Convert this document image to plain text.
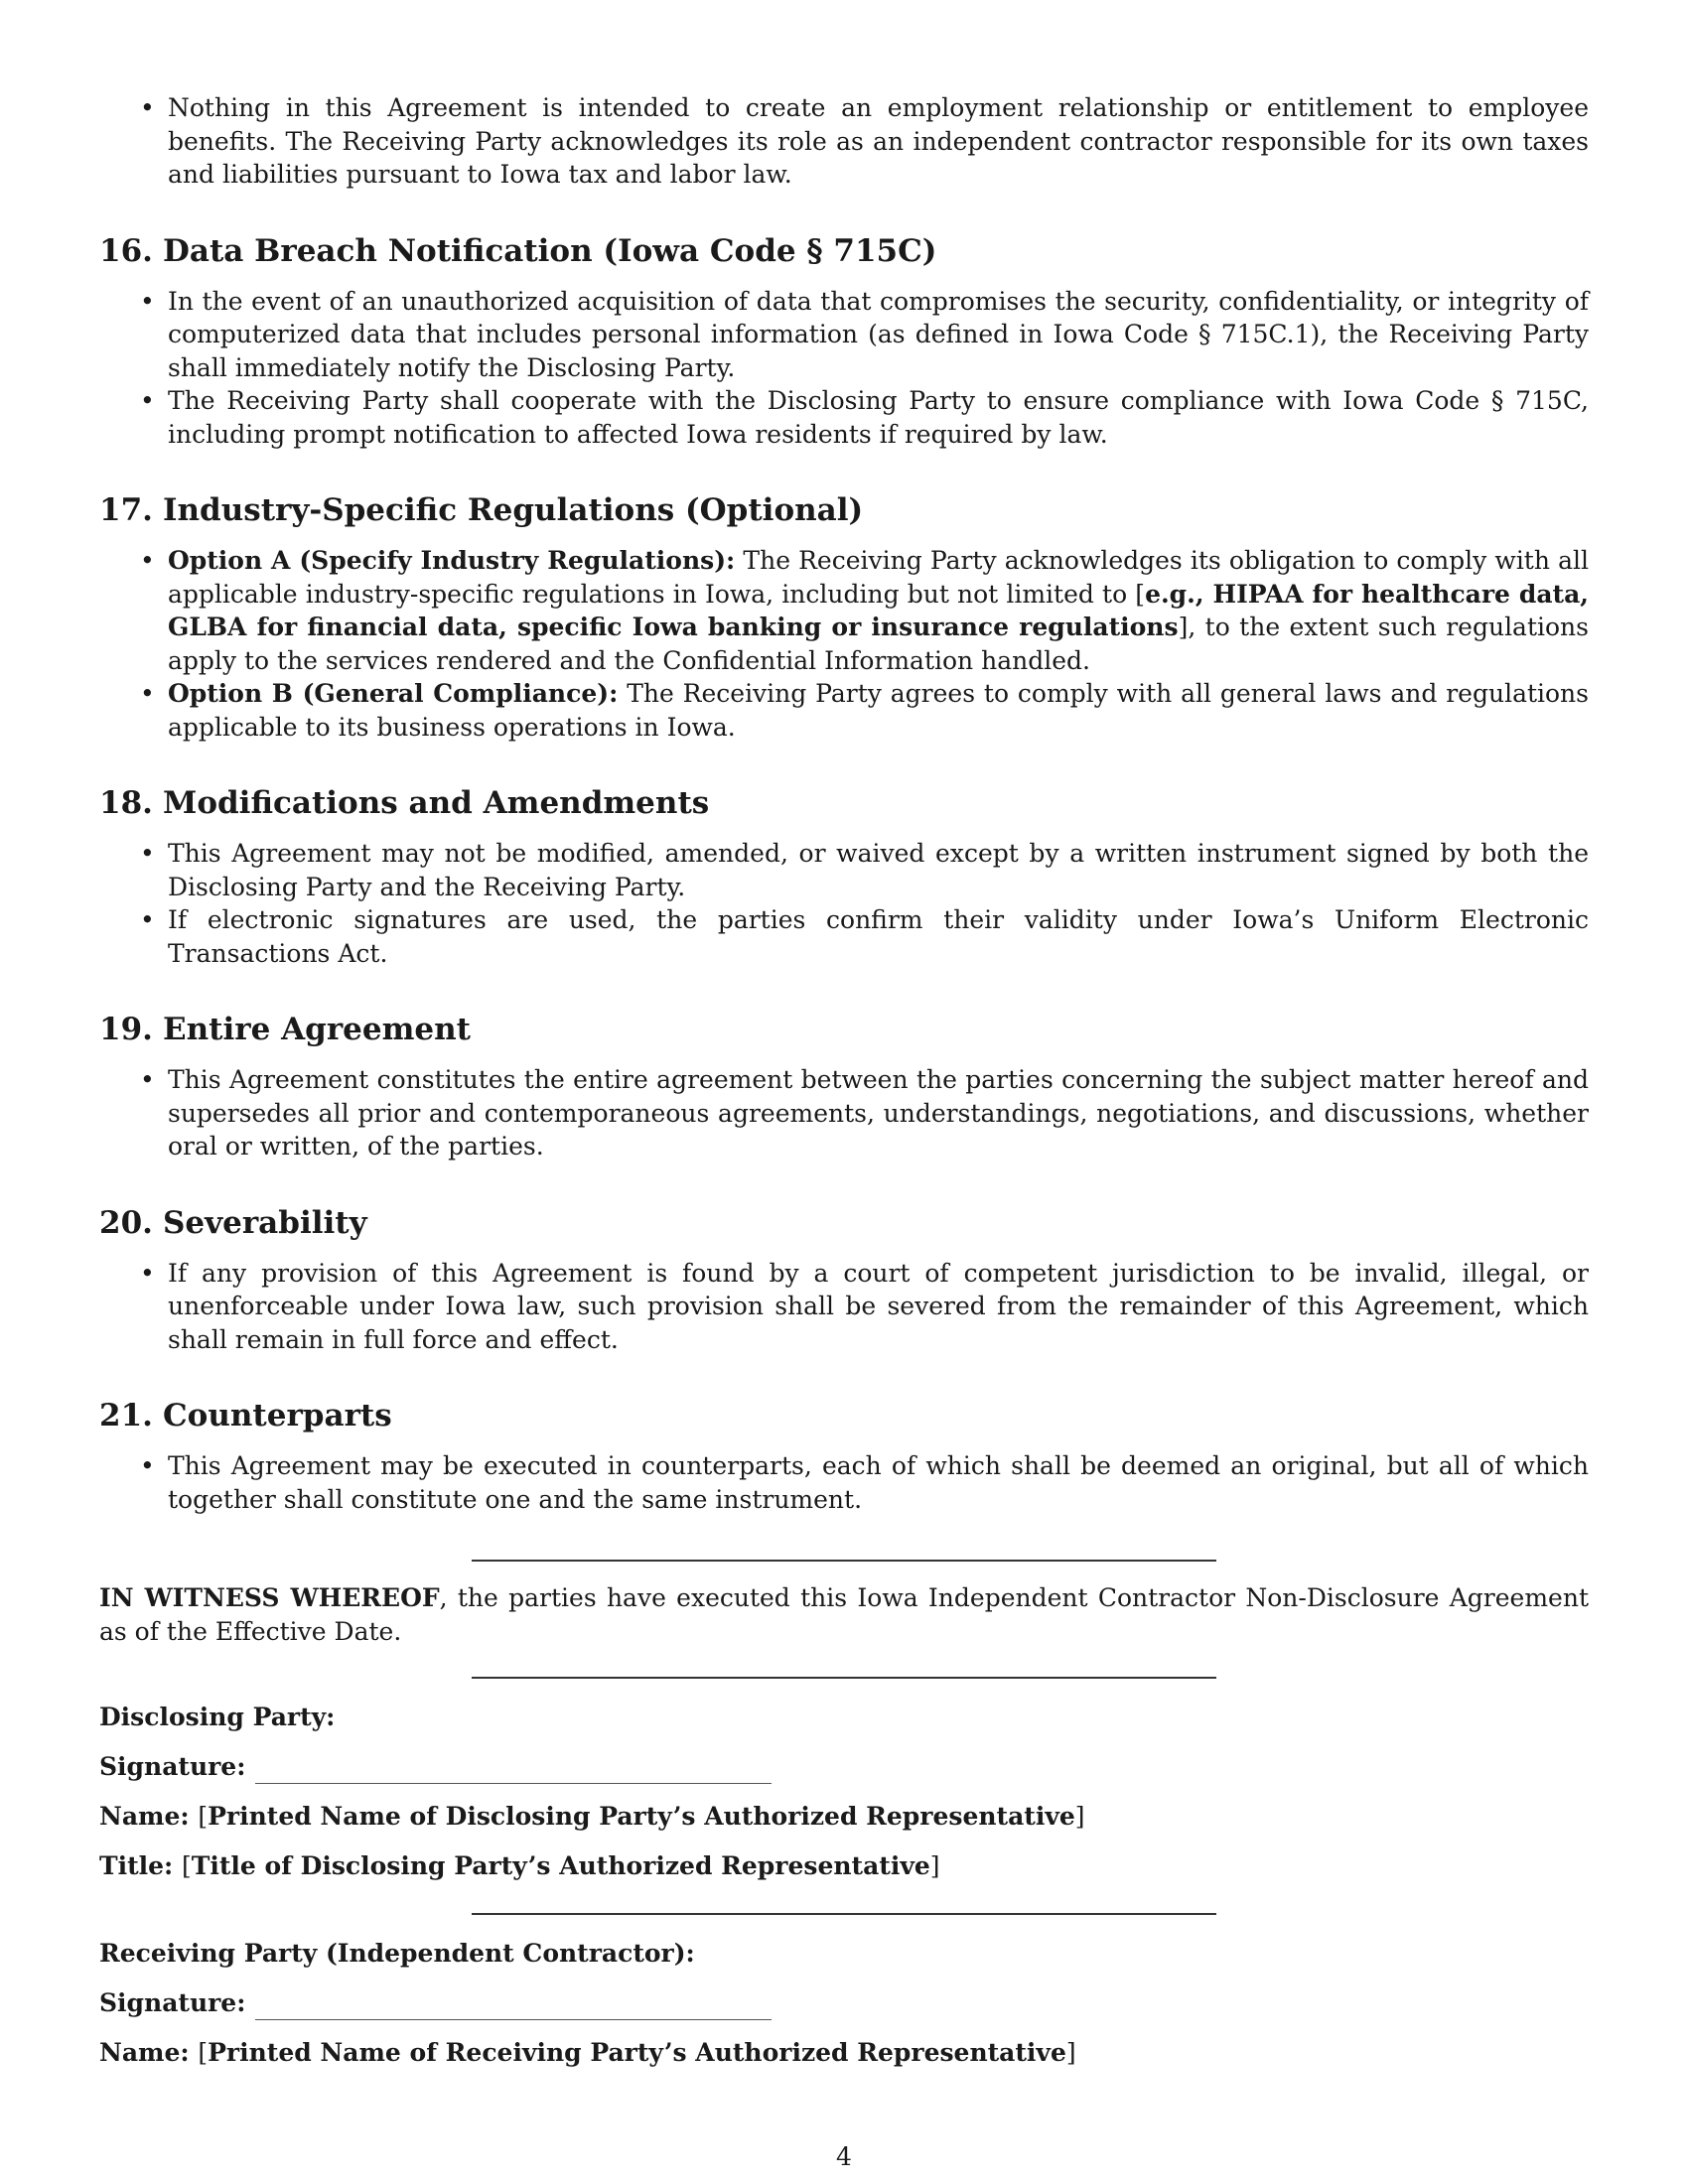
• Nothing in this Agreement is intended to create an employment relationship or entitlement to employee benefits. The Receiving Party acknowledges its role as an independent contractor responsible for its own taxes and liabilities pursuant to Iowa tax and labor law.
16. Data Breach Notification (Iowa Code § 715C)
• In the event of an unauthorized acquisition of data that compromises the security, confidentiality, or integrity of computerized data that includes personal information (as defined in Iowa Code § 715C.1), the Receiving Party shall immediately notify the Disclosing Party.
• The Receiving Party shall cooperate with the Disclosing Party to ensure compliance with Iowa Code § 715C, including prompt notification to affected Iowa residents if required by law.
17. Industry-Specific Regulations (Optional)
• Option A (Specify Industry Regulations): The Receiving Party acknowledges its obligation to comply with all applicable industry-specific regulations in Iowa, including but not limited to [e.g., HIPAA for healthcare data, GLBA for financial data, specific Iowa banking or insurance regulations], to the extent such regulations apply to the services rendered and the Confidential Information handled.
• Option B (General Compliance): The Receiving Party agrees to comply with all general laws and regulations applicable to its business operations in Iowa.
18. Modifications and Amendments
• This Agreement may not be modified, amended, or waived except by a written instrument signed by both the Disclosing Party and the Receiving Party.
• If electronic signatures are used, the parties confirm their validity under Iowa’s Uniform Electronic Transactions Act.
19. Entire Agreement
• This Agreement constitutes the entire agreement between the parties concerning the subject matter hereof and supersedes all prior and contemporaneous agreements, understandings, negotiations, and discussions, whether oral or written, of the parties.
20. Severability
• If any provision of this Agreement is found by a court of competent jurisdiction to be invalid, illegal, or unenforceable under Iowa law, such provision shall be severed from the remainder of this Agreement, which shall remain in full force and effect.
21. Counterparts
• This Agreement may be executed in counterparts, each of which shall be deemed an original, but all of which together shall constitute one and the same instrument.
IN WITNESS WHEREOF, the parties have executed this Iowa Independent Contractor Non-Disclosure Agreement as of the Effective Date.
Disclosing Party:
Signature:
Name: [Printed Name of Disclosing Party’s Authorized Representative]
Title: [Title of Disclosing Party’s Authorized Representative]
Receiving Party (Independent Contractor):
Signature:
Name: [Printed Name of Receiving Party’s Authorized Representative]
4
